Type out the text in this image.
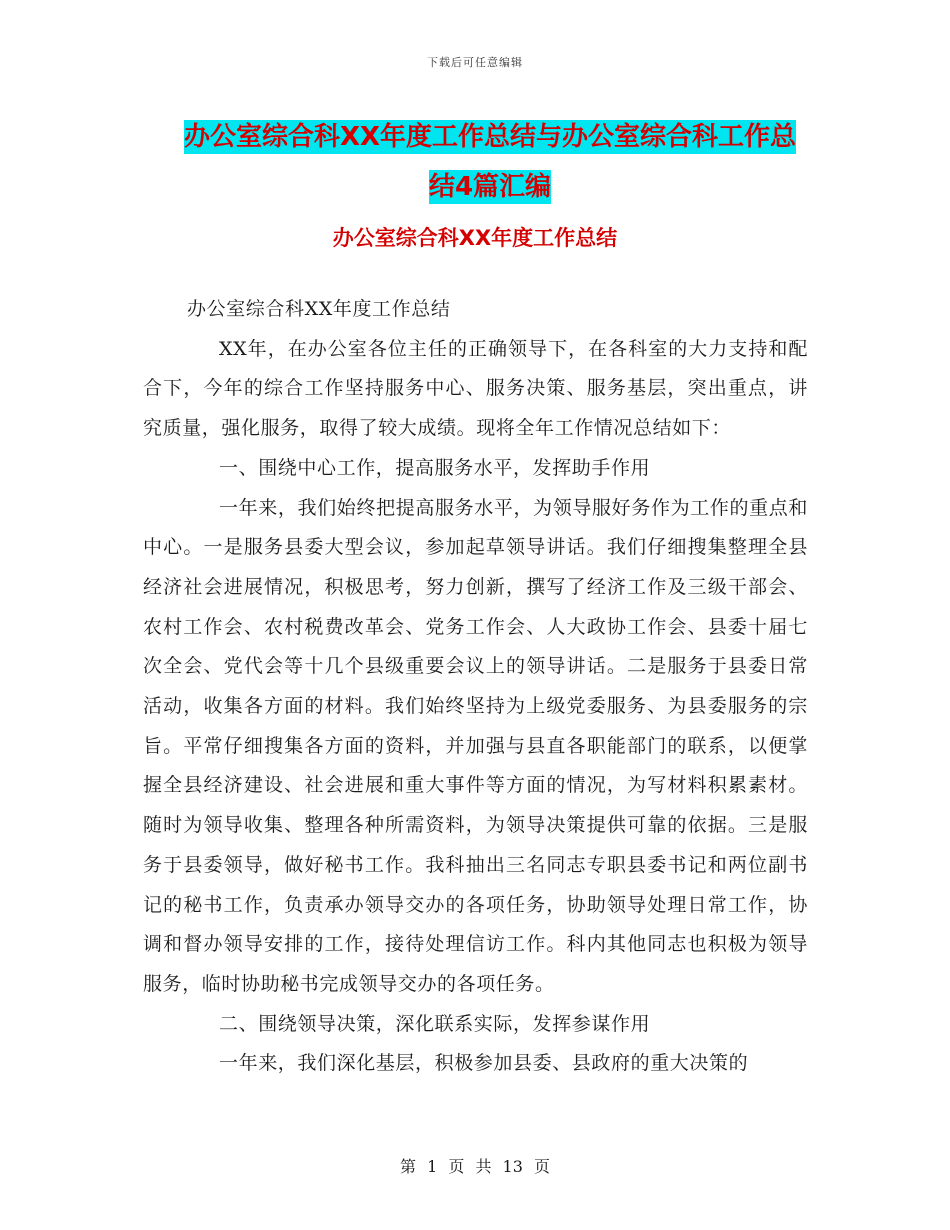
下载后可任意编辑
办公室综合科XX年度工作总结与办公室综合科工作总
结4篇汇编
办公室综合科XX年度工作总结

办公室综合科XX年度工作总结

XX年，在办公室各位主任的正确领导下，在各科室的大力支持和配合下，今年的综合工作坚持服务中心、服务决策、服务基层，突出重点，讲究质量，强化服务，取得了较大成绩。现将全年工作情况总结如下：

一、围绕中心工作，提高服务水平，发挥助手作用

一年来，我们始终把提高服务水平，为领导服好务作为工作的重点和中心。一是服务县委大型会议，参加起草领导讲话。我们仔细搜集整理全县经济社会进展情况，积极思考，努力创新，撰写了经济工作及三级干部会、农村工作会、农村税费改革会、党务工作会、人大政协工作会、县委十届七次全会、党代会等十几个县级重要会议上的领导讲话。二是服务于县委日常活动，收集各方面的材料。我们始终坚持为上级党委服务、为县委服务的宗旨。平常仔细搜集各方面的资料，并加强与县直各职能部门的联系，以便掌握全县经济建设、社会进展和重大事件等方面的情况，为写材料积累素材。随时为领导收集、整理各种所需资料，为领导决策提供可靠的依据。三是服务于县委领导，做好秘书工作。我科抽出三名同志专职县委书记和两位副书记的秘书工作，负责承办领导交办的各项任务，协助领导处理日常工作，协调和督办领导安排的工作，接待处理信访工作。科内其他同志也积极为领导服务，临时协助秘书完成领导交办的各项任务。

二、围绕领导决策，深化联系实际，发挥参谋作用

一年来，我们深化基层，积极参加县委、县政府的重大决策的

第 1 页 共 13 页
